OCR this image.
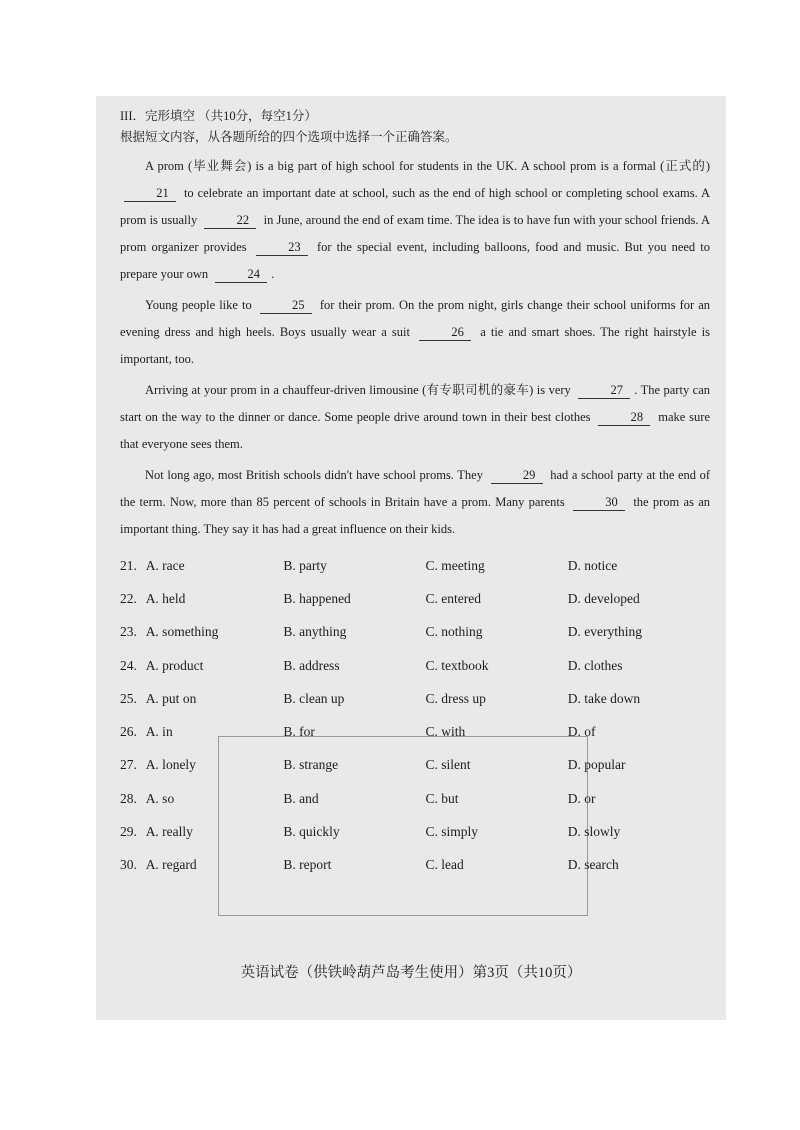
III．完形填空 （共10分，每空1分）
根据短文内容，从各题所给的四个选项中选择一个正确答案。

A prom (毕业舞会) is a big part of high school for students in the UK. A school prom is a formal (正式的) 21 to celebrate an important date at school, such as the end of high school or completing school exams. A prom is usually	22 in June, around the end of exam time. The idea is to have fun with your school friends. A prom organizer provides	23 for the special event, including balloons, food and music. But you need to prepare your own	24 .

Young people like to	25 for their prom. On the prom night, girls change their school uniforms for an evening dress and high heels. Boys usually wear a suit	26 a tie and smart shoes. The right hairstyle is important, too.

Arriving at your prom in a chauffeur-driven limousine (有专职司机的豪车) is very	27 . The party can start on the way to the dinner or dance. Some people drive around town in their best clothes	28 make sure that everyone sees them.

Not long ago, most British schools didn't have school proms. They	29 had a school party at the end of the term. Now, more than 85 percent of schools in Britain have a prom. Many parents	30 the prom as an important thing. They say it has had a great influence on their kids.

21. A. race	B. party	C. meeting	D. notice
22. A. held	B. happened	C. entered	D. developed
23. A. something	B. anything	C. nothing	D. everything
24. A. product	B. address	C. textbook	D. clothes
25. A. put on	B. clean up	C. dress up	D. take down
26. A. in	B. for	C. with	D. of
27. A. lonely	B. strange	C. silent	D. popular
28. A. so	B. and	C. but	D. or
29. A. really	B. quickly	C. simply	D. slowly
30. A. regard	B. report	C. lead	D. search
英语试卷（供铁岭葫芦岛考生使用）第3页（共10页）
